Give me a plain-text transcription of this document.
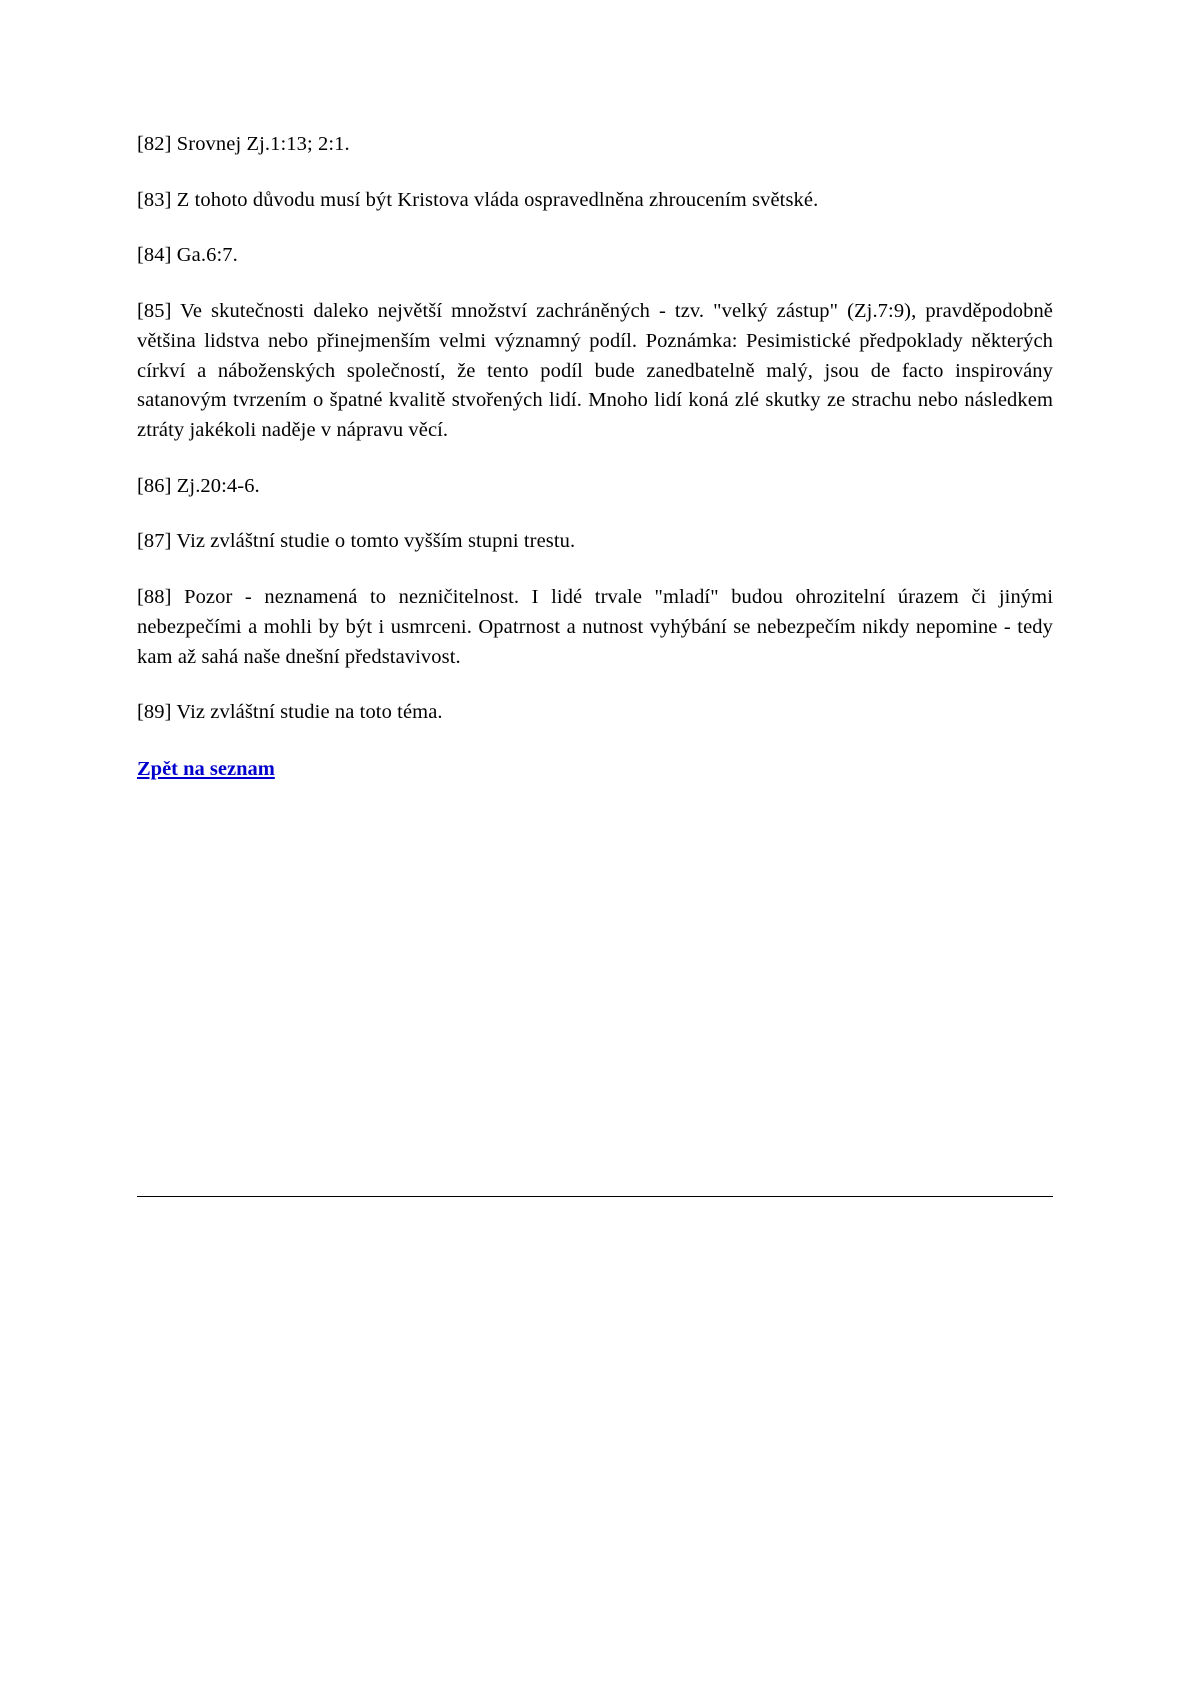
[82] Srovnej Zj.1:13; 2:1.

[83] Z tohoto důvodu musí být Kristova vláda ospravedlněna zhroucením světské.

[84] Ga.6:7.

[85] Ve skutečnosti daleko největší množství zachráněných - tzv. "velký zástup" (Zj.7:9), pravděpodobně většina lidstva nebo přinejmenším velmi významný podíl. Poznámka: Pesimistické předpoklady některých církví a náboženských společností, že tento podíl bude zanedbatelně malý, jsou de facto inspirovány satanovým tvrzením o špatné kvalitě stvořených lidí. Mnoho lidí koná zlé skutky ze strachu nebo následkem ztráty jakékoli naděje v nápravu věcí.

[86] Zj.20:4-6.

[87] Viz zvláštní studie o tomto vyšším stupni trestu.

[88] Pozor - neznamená to nezničitelnost. I lidé trvale "mladí" budou ohrozitelní úrazem či jinými nebezpečími a mohli by být i usmrceni. Opatrnost a nutnost vyhýbání se nebezpečím nikdy nepomine - tedy kam až sahá naše dnešní představivost.

[89] Viz zvláštní studie na toto téma.

Zpět na seznam
